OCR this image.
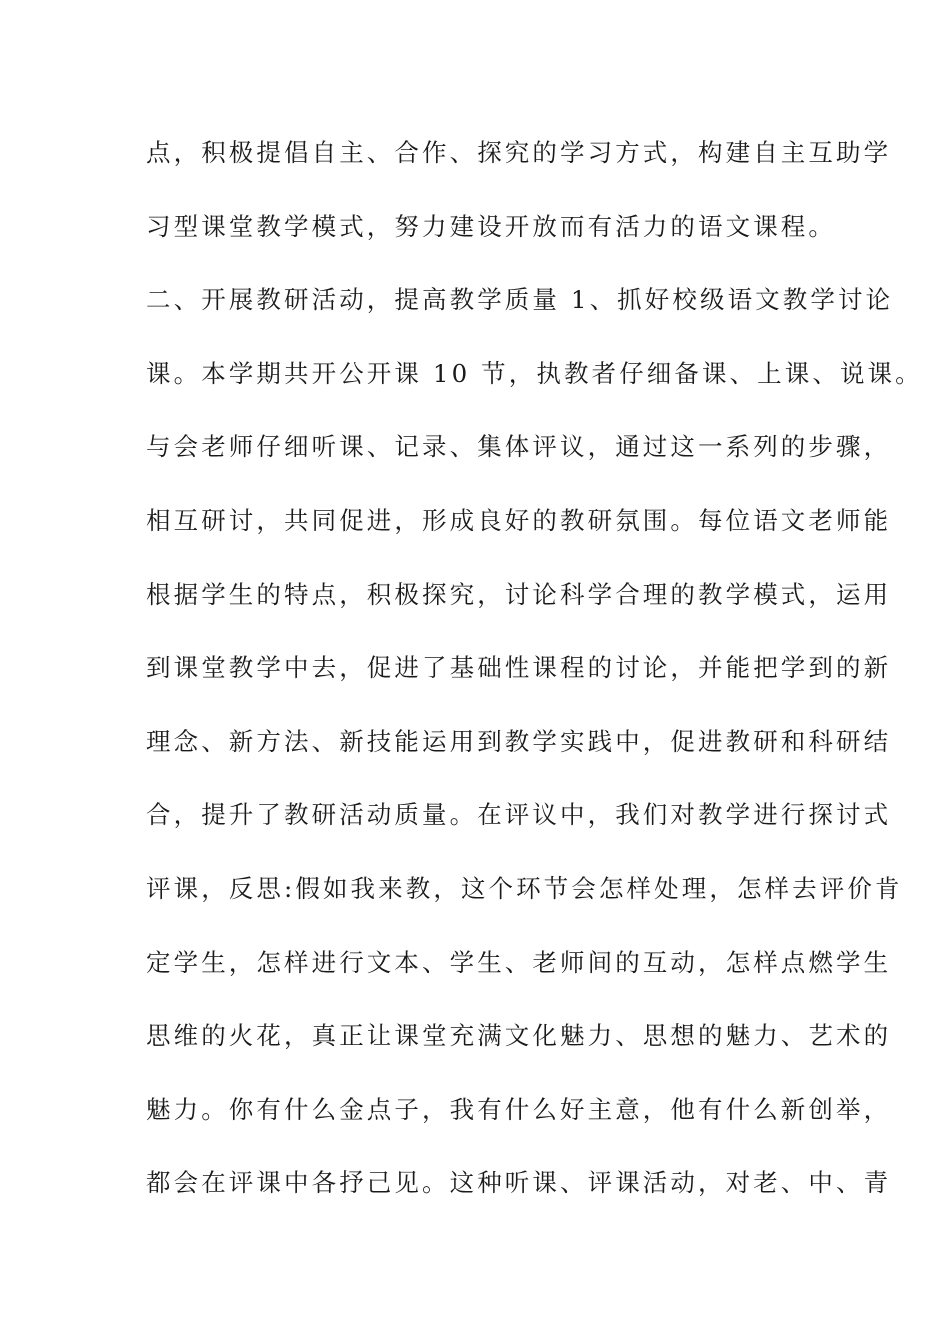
点，积极提倡自主、合作、探究的学习方式，构建自主互助学
习型课堂教学模式，努力建设开放而有活力的语文课程。
二、开展教研活动，提高教学质量 1、抓好校级语文教学讨论
课。本学期共开公开课 10 节，执教者仔细备课、上课、说课。
与会老师仔细听课、记录、集体评议，通过这一系列的步骤，
相互研讨，共同促进，形成良好的教研氛围。每位语文老师能
根据学生的特点，积极探究，讨论科学合理的教学模式，运用
到课堂教学中去，促进了基础性课程的讨论，并能把学到的新
理念、新方法、新技能运用到教学实践中，促进教研和科研结
合，提升了教研活动质量。在评议中，我们对教学进行探讨式
评课，反思:假如我来教，这个环节会怎样处理，怎样去评价肯
定学生，怎样进行文本、学生、老师间的互动，怎样点燃学生
思维的火花，真正让课堂充满文化魅力、思想的魅力、艺术的
魅力。你有什么金点子，我有什么好主意，他有什么新创举，
都会在评课中各抒己见。这种听课、评课活动，对老、中、青
